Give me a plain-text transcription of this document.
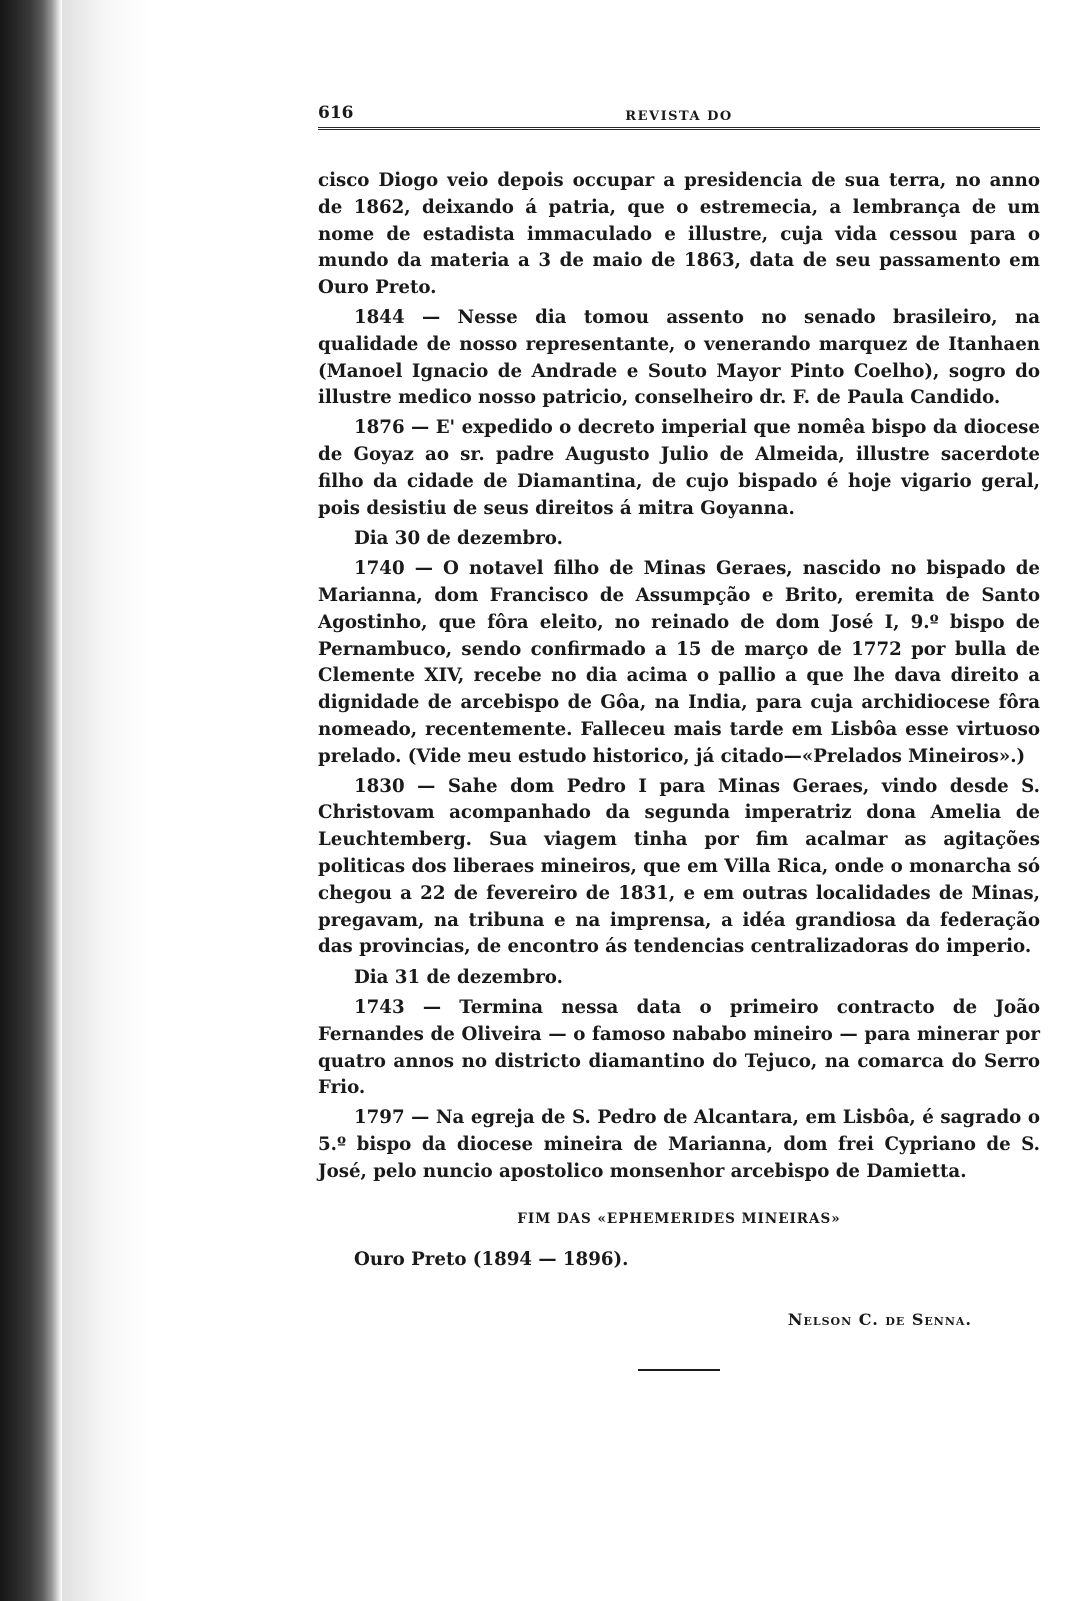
616	REVISTA DO

cisco Diogo veio depois occupar a presidencia de sua terra, no anno de 1862, deixando á patria, que o estremecia, a lembrança de um nome de estadista immaculado e illustre, cuja vida cessou para o mundo da materia a 3 de maio de 1863, data de seu passamento em Ouro Preto.

1844 — Nesse dia tomou assento no senado brasileiro, na qualidade de nosso representante, o venerando marquez de Itanhaen (Manoel Ignacio de Andrade e Souto Mayor Pinto Coelho), sogro do illustre medico nosso patricio, conselheiro dr. F. de Paula Candido.

1876 — E' expedido o decreto imperial que nomêa bispo da diocese de Goyaz ao sr. padre Augusto Julio de Almeida, illustre sacerdote filho da cidade de Diamantina, de cujo bispado é hoje vigario geral, pois desistiu de seus direitos á mitra Goyanna.

Dia 30 de dezembro.

1740 — O notavel filho de Minas Geraes, nascido no bispado de Marianna, dom Francisco de Assumpção e Brito, eremita de Santo Agostinho, que fôra eleito, no reinado de dom José I, 9.º bispo de Pernambuco, sendo confirmado a 15 de março de 1772 por bulla de Clemente XIV, recebe no dia acima o pallio a que lhe dava direito a dignidade de arcebispo de Gôa, na India, para cuja archidiocese fôra nomeado, recentemente. Falleceu mais tarde em Lisbôa esse virtuoso prelado. (Vide meu estudo historico, já citado—«Prelados Mineiros».)

1830 — Sahe dom Pedro I para Minas Geraes, vindo desde S. Christovam acompanhado da segunda imperatriz dona Amelia de Leuchtemberg. Sua viagem tinha por fim acalmar as agitações politicas dos liberaes mineiros, que em Villa Rica, onde o monarcha só chegou a 22 de fevereiro de 1831, e em outras localidades de Minas, pregavam, na tribuna e na imprensa, a idéa grandiosa da federação das provincias, de encontro ás tendencias centralizadoras do imperio.

Dia 31 de dezembro.

1743 — Termina nessa data o primeiro contracto de João Fernandes de Oliveira — o famoso nababo mineiro — para minerar por quatro annos no districto diamantino do Tejuco, na comarca do Serro Frio.

1797 — Na egreja de S. Pedro de Alcantara, em Lisbôa, é sagrado o 5.º bispo da diocese mineira de Marianna, dom frei Cypriano de S. José, pelo nuncio apostolico monsenhor arcebispo de Damietta.

FIM DAS «EPHEMERIDES MINEIRAS»
Ouro Preto (1894 — 1896).
Nelson C. de Senna.
